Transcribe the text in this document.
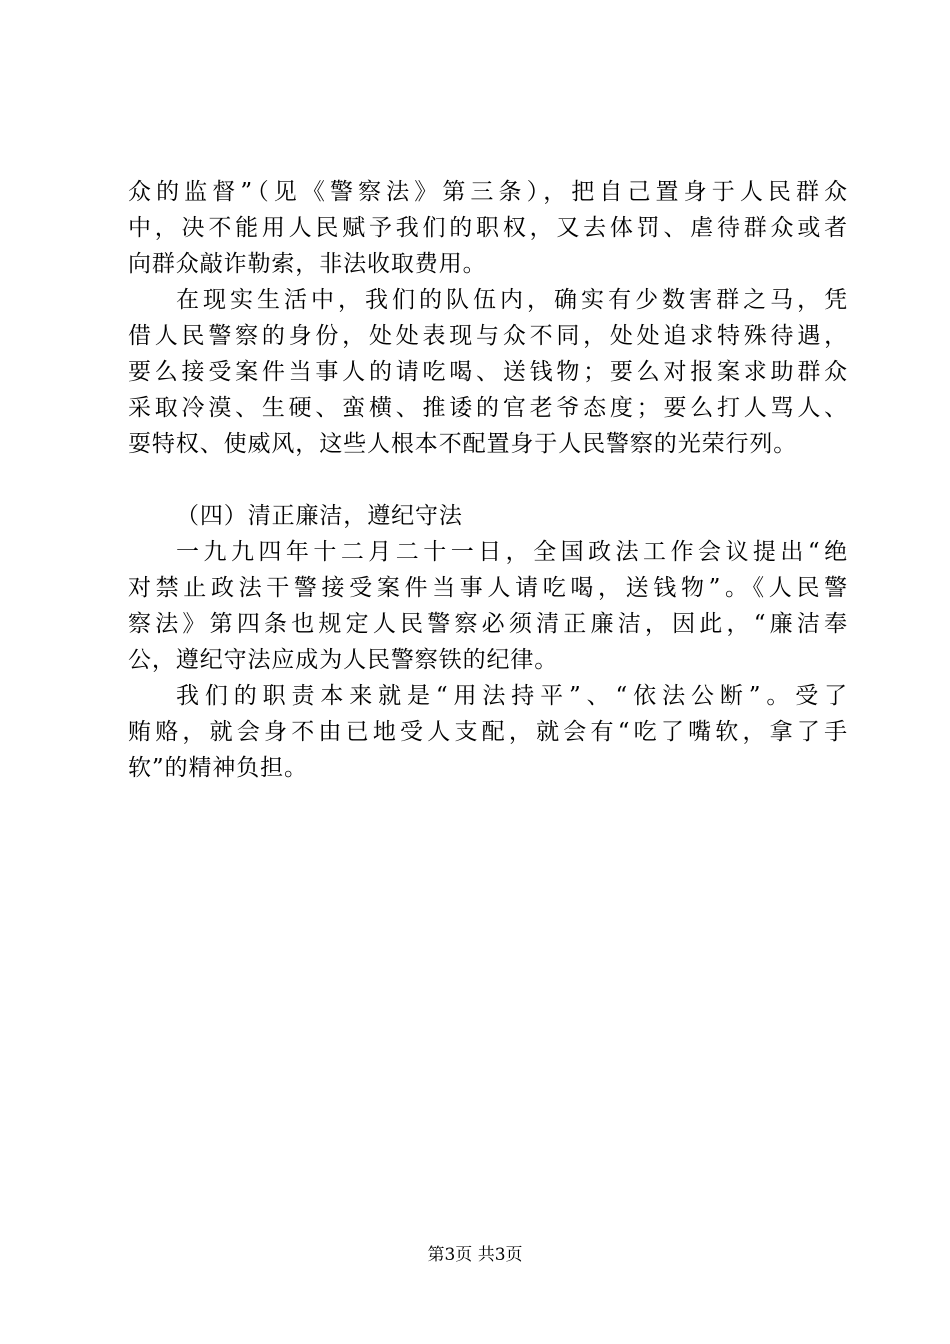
众的监督”（见《警察法》第三条），把自己置身于人民群众
中，决不能用人民赋予我们的职权，又去体罚、虐待群众或者
向群众敲诈勒索，非法收取费用。
在现实生活中，我们的队伍内，确实有少数害群之马，凭
借人民警察的身份，处处表现与众不同，处处追求特殊待遇，
要么接受案件当事人的请吃喝、送钱物；要么对报案求助群众
采取冷漠、生硬、蛮横、推诿的官老爷态度；要么打人骂人、
耍特权、使威风，这些人根本不配置身于人民警察的光荣行列。
（四）清正廉洁，遵纪守法
一九九四年十二月二十一日，全国政法工作会议提出“绝
对禁止政法干警接受案件当事人请吃喝，送钱物”。《人民警
察法》第四条也规定人民警察必须清正廉洁，因此，“廉洁奉
公，遵纪守法应成为人民警察铁的纪律。
我们的职责本来就是“用法持平”、“依法公断”。受了
贿赂，就会身不由已地受人支配，就会有“吃了嘴软，拿了手
软”的精神负担。
第3页 共3页
